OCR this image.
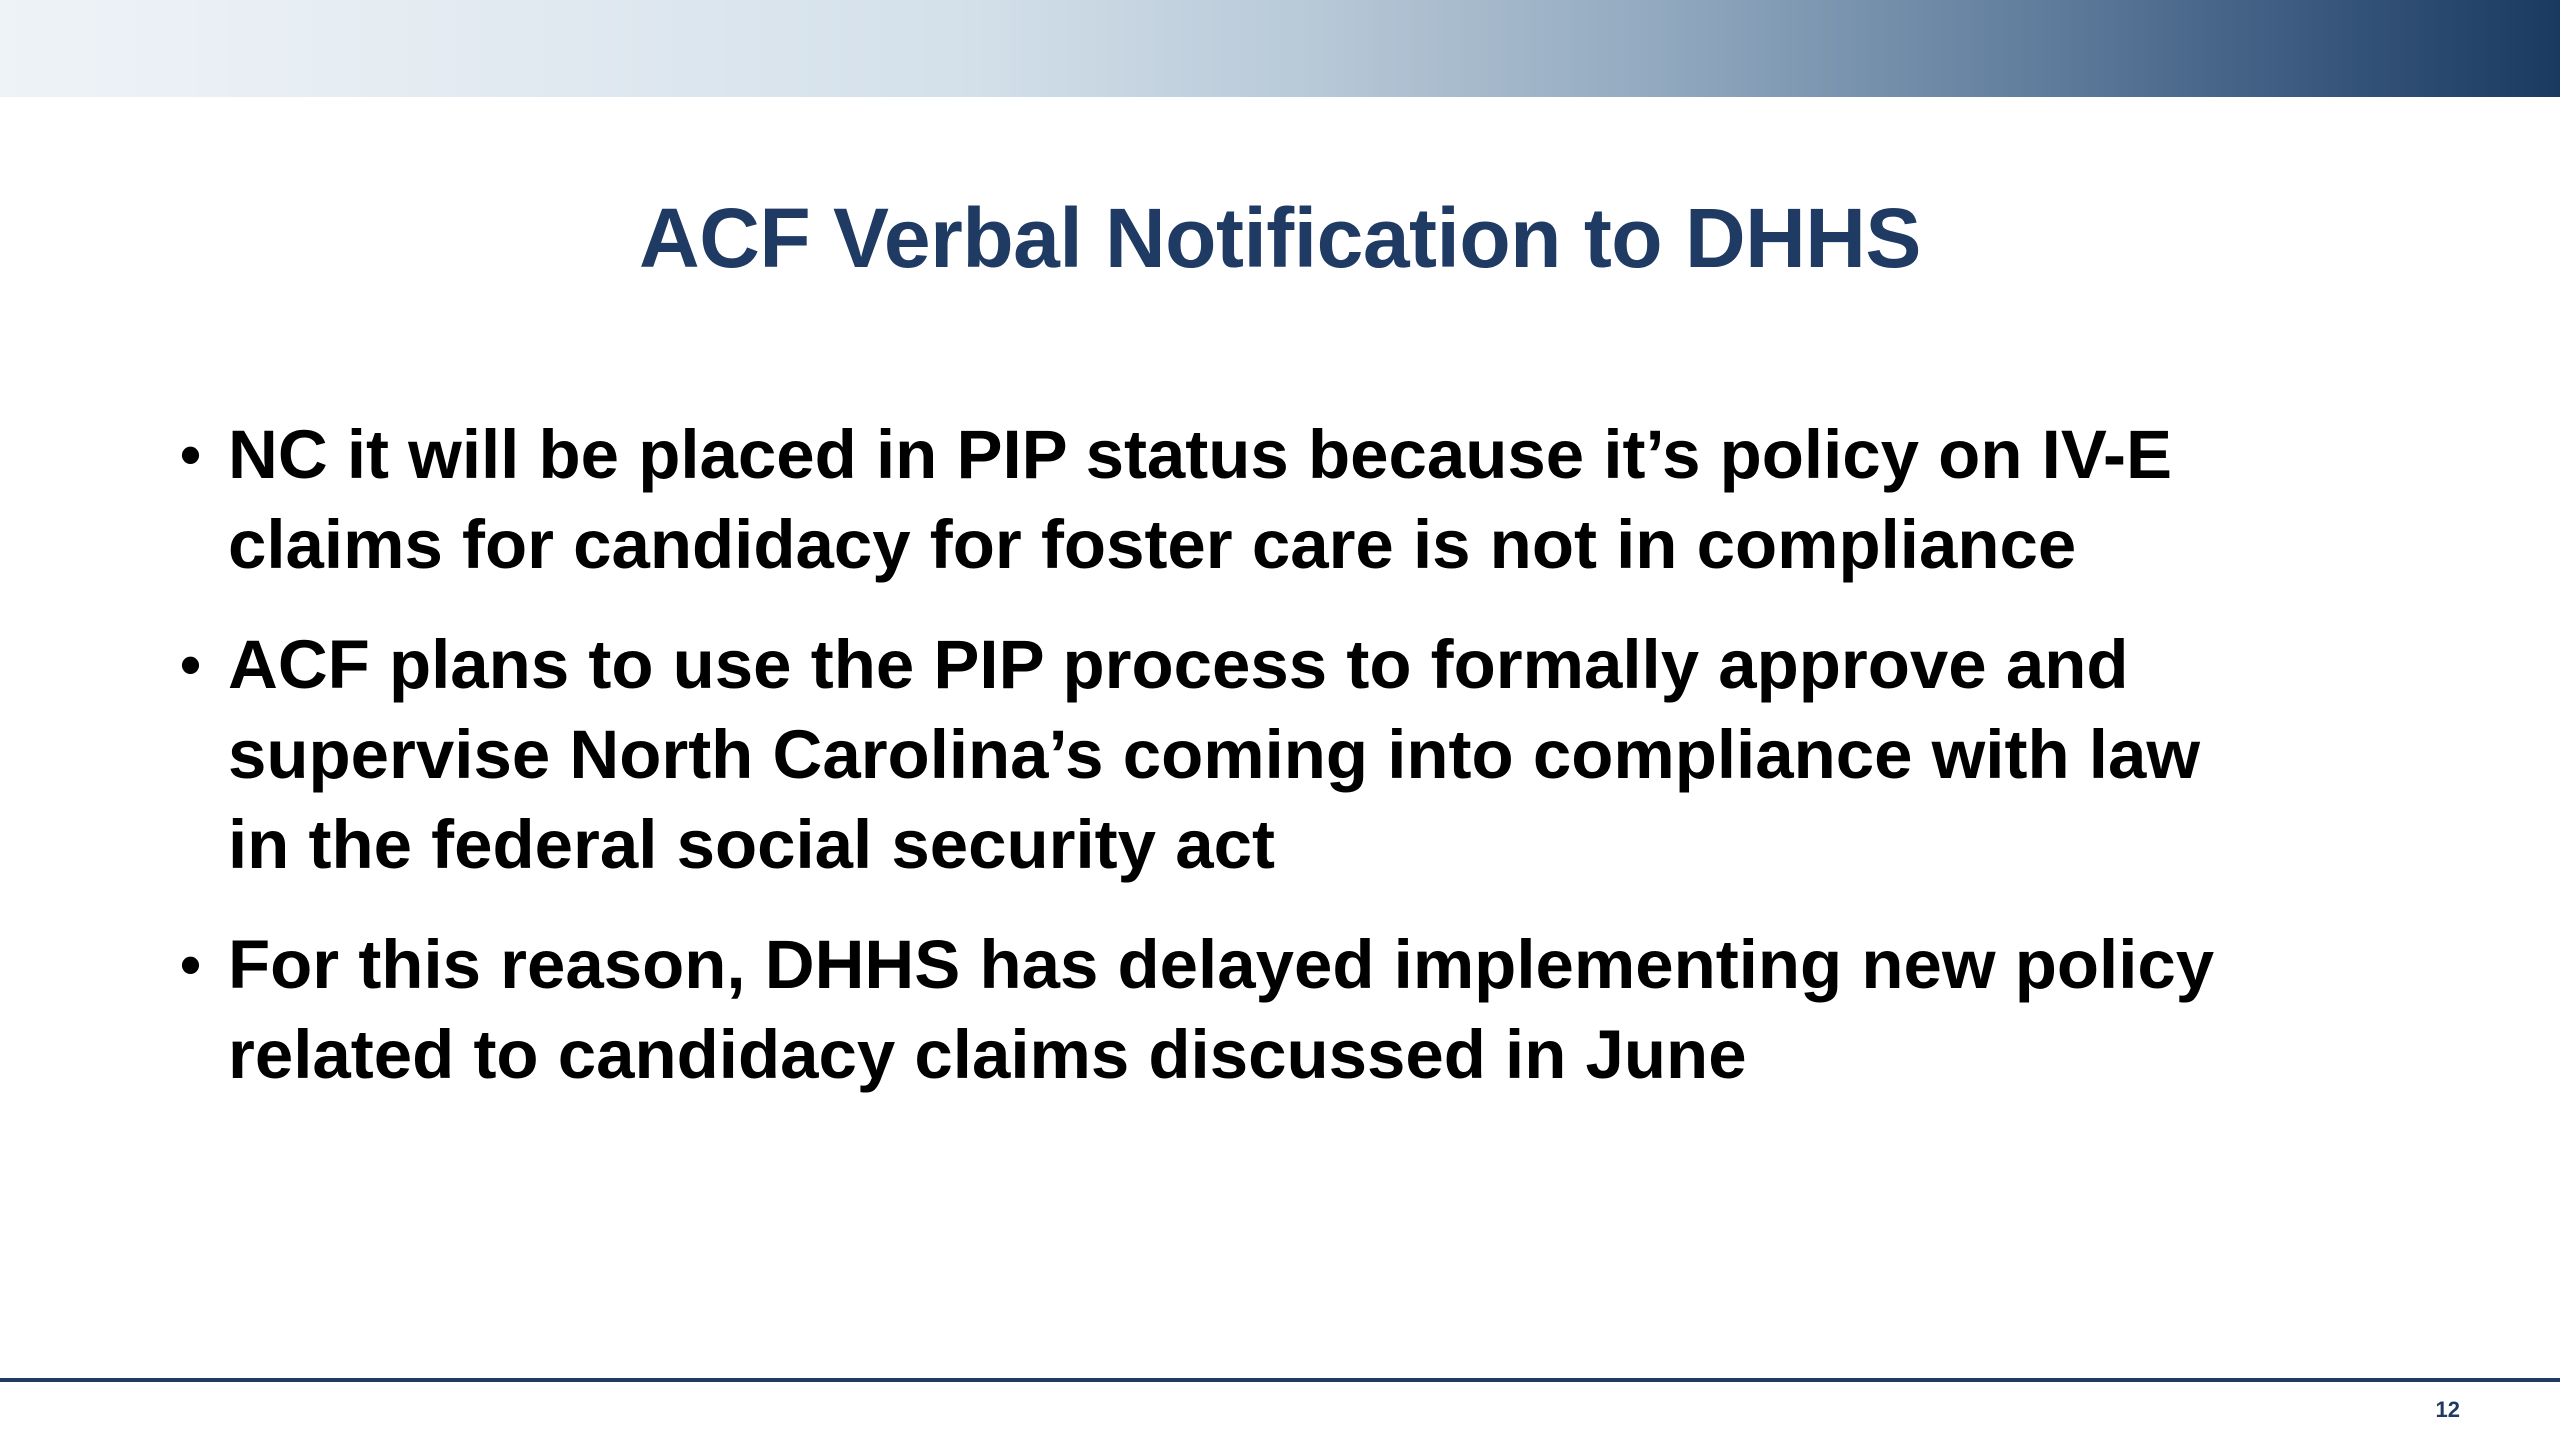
ACF Verbal Notification to DHHS
• NC it will be placed in PIP status because it’s policy on IV-E claims for candidacy for foster care is not in compliance
• ACF plans to use the PIP process to formally approve and supervise North Carolina’s coming into compliance with law in the federal social security act
• For this reason, DHHS has delayed implementing new policy related to candidacy claims discussed in June
12
